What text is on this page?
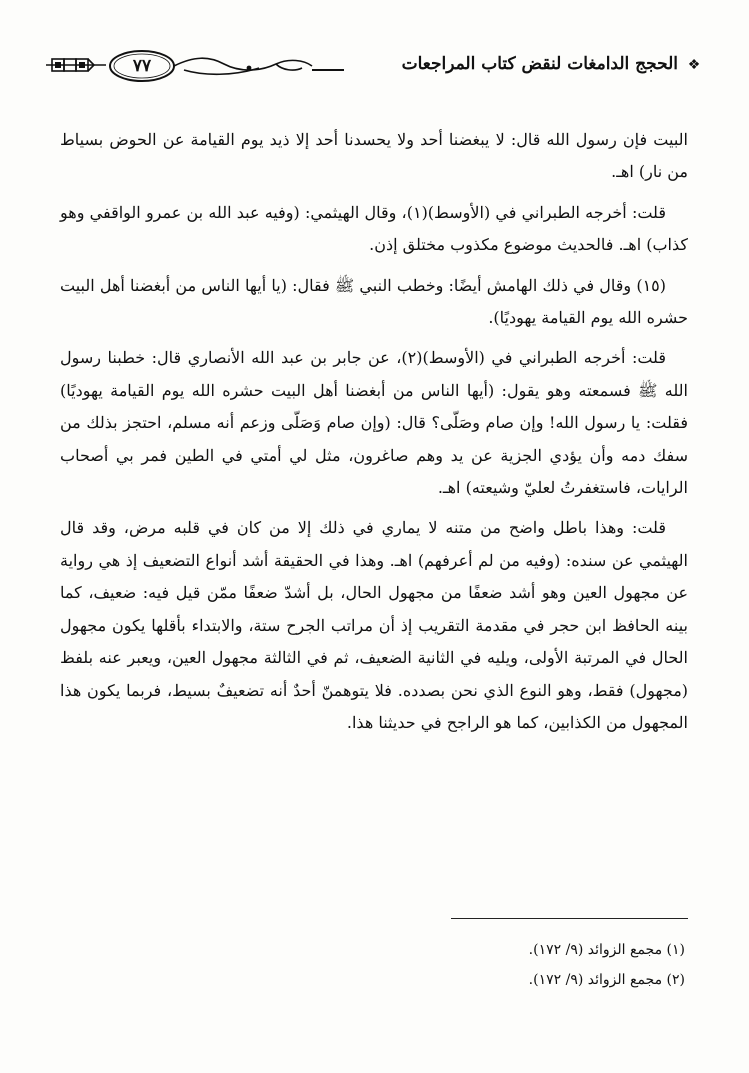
٧٧	الحجج الدامغات لنقض كتاب المراجعات ❖

البيت فإن رسول الله قال: لا يبغضنا أحد ولا يحسدنا أحد إلا ذيد يوم القيامة عن الحوض بسياط من نار) اهـ.

قلت: أخرجه الطبراني في (الأوسط)(١)، وقال الهيثمي: (وفيه عبد الله بن عمرو الواقفي وهو كذاب) اهـ. فالحديث موضوع مكذوب مختلق إذن.

(١٥) وقال في ذلك الهامش أيضًا: وخطب النبي ﷺ فقال: (يا أيها الناس من أبغضنا أهل البيت حشره الله يوم القيامة يهوديًا).

قلت: أخرجه الطبراني في (الأوسط)(٢)، عن جابر بن عبد الله الأنصاري قال: خطبنا رسول الله ﷺ فسمعته وهو يقول: (أيها الناس من أبغضنا أهل البيت حشره الله يوم القيامة يهوديًا) فقلت: يا رسول الله! وإن صام وصَلّى؟ قال: (وإن صام وَصَلّى وزعم أنه مسلم، احتجز بذلك من سفك دمه وأن يؤدي الجزية عن يد وهم صاغرون، مثل لي أمتي في الطين فمر بي أصحاب الرايات، فاستغفرتُ لعليّ وشيعته) اهـ.

قلت: وهذا باطل واضح من متنه لا يماري في ذلك إلا من كان في قلبه مرض، وقد قال الهيثمي عن سنده: (وفيه من لم أعرفهم) اهـ. وهذا في الحقيقة أشد أنواع التضعيف إذ هي رواية عن مجهول العين وهو أشد ضعفًا من مجهول الحال، بل أشدّ ضعفًا ممّن قيل فيه: ضعيف، كما بينه الحافظ ابن حجر في مقدمة التقريب إذ أن مراتب الجرح ستة، والابتداء بأقلها يكون مجهول الحال في المرتبة الأولى، ويليه في الثانية الضعيف، ثم في الثالثة مجهول العين، ويعبر عنه بلفظ (مجهول) فقط، وهو النوع الذي نحن بصدده. فلا يتوهمنّ أحدٌ أنه تضعيفٌ بسيط، فربما يكون هذا المجهول من الكذابين، كما هو الراجح في حديثنا هذا.

(١) مجمع الزوائد (٩/ ١٧٢).
(٢) مجمع الزوائد (٩/ ١٧٢).
